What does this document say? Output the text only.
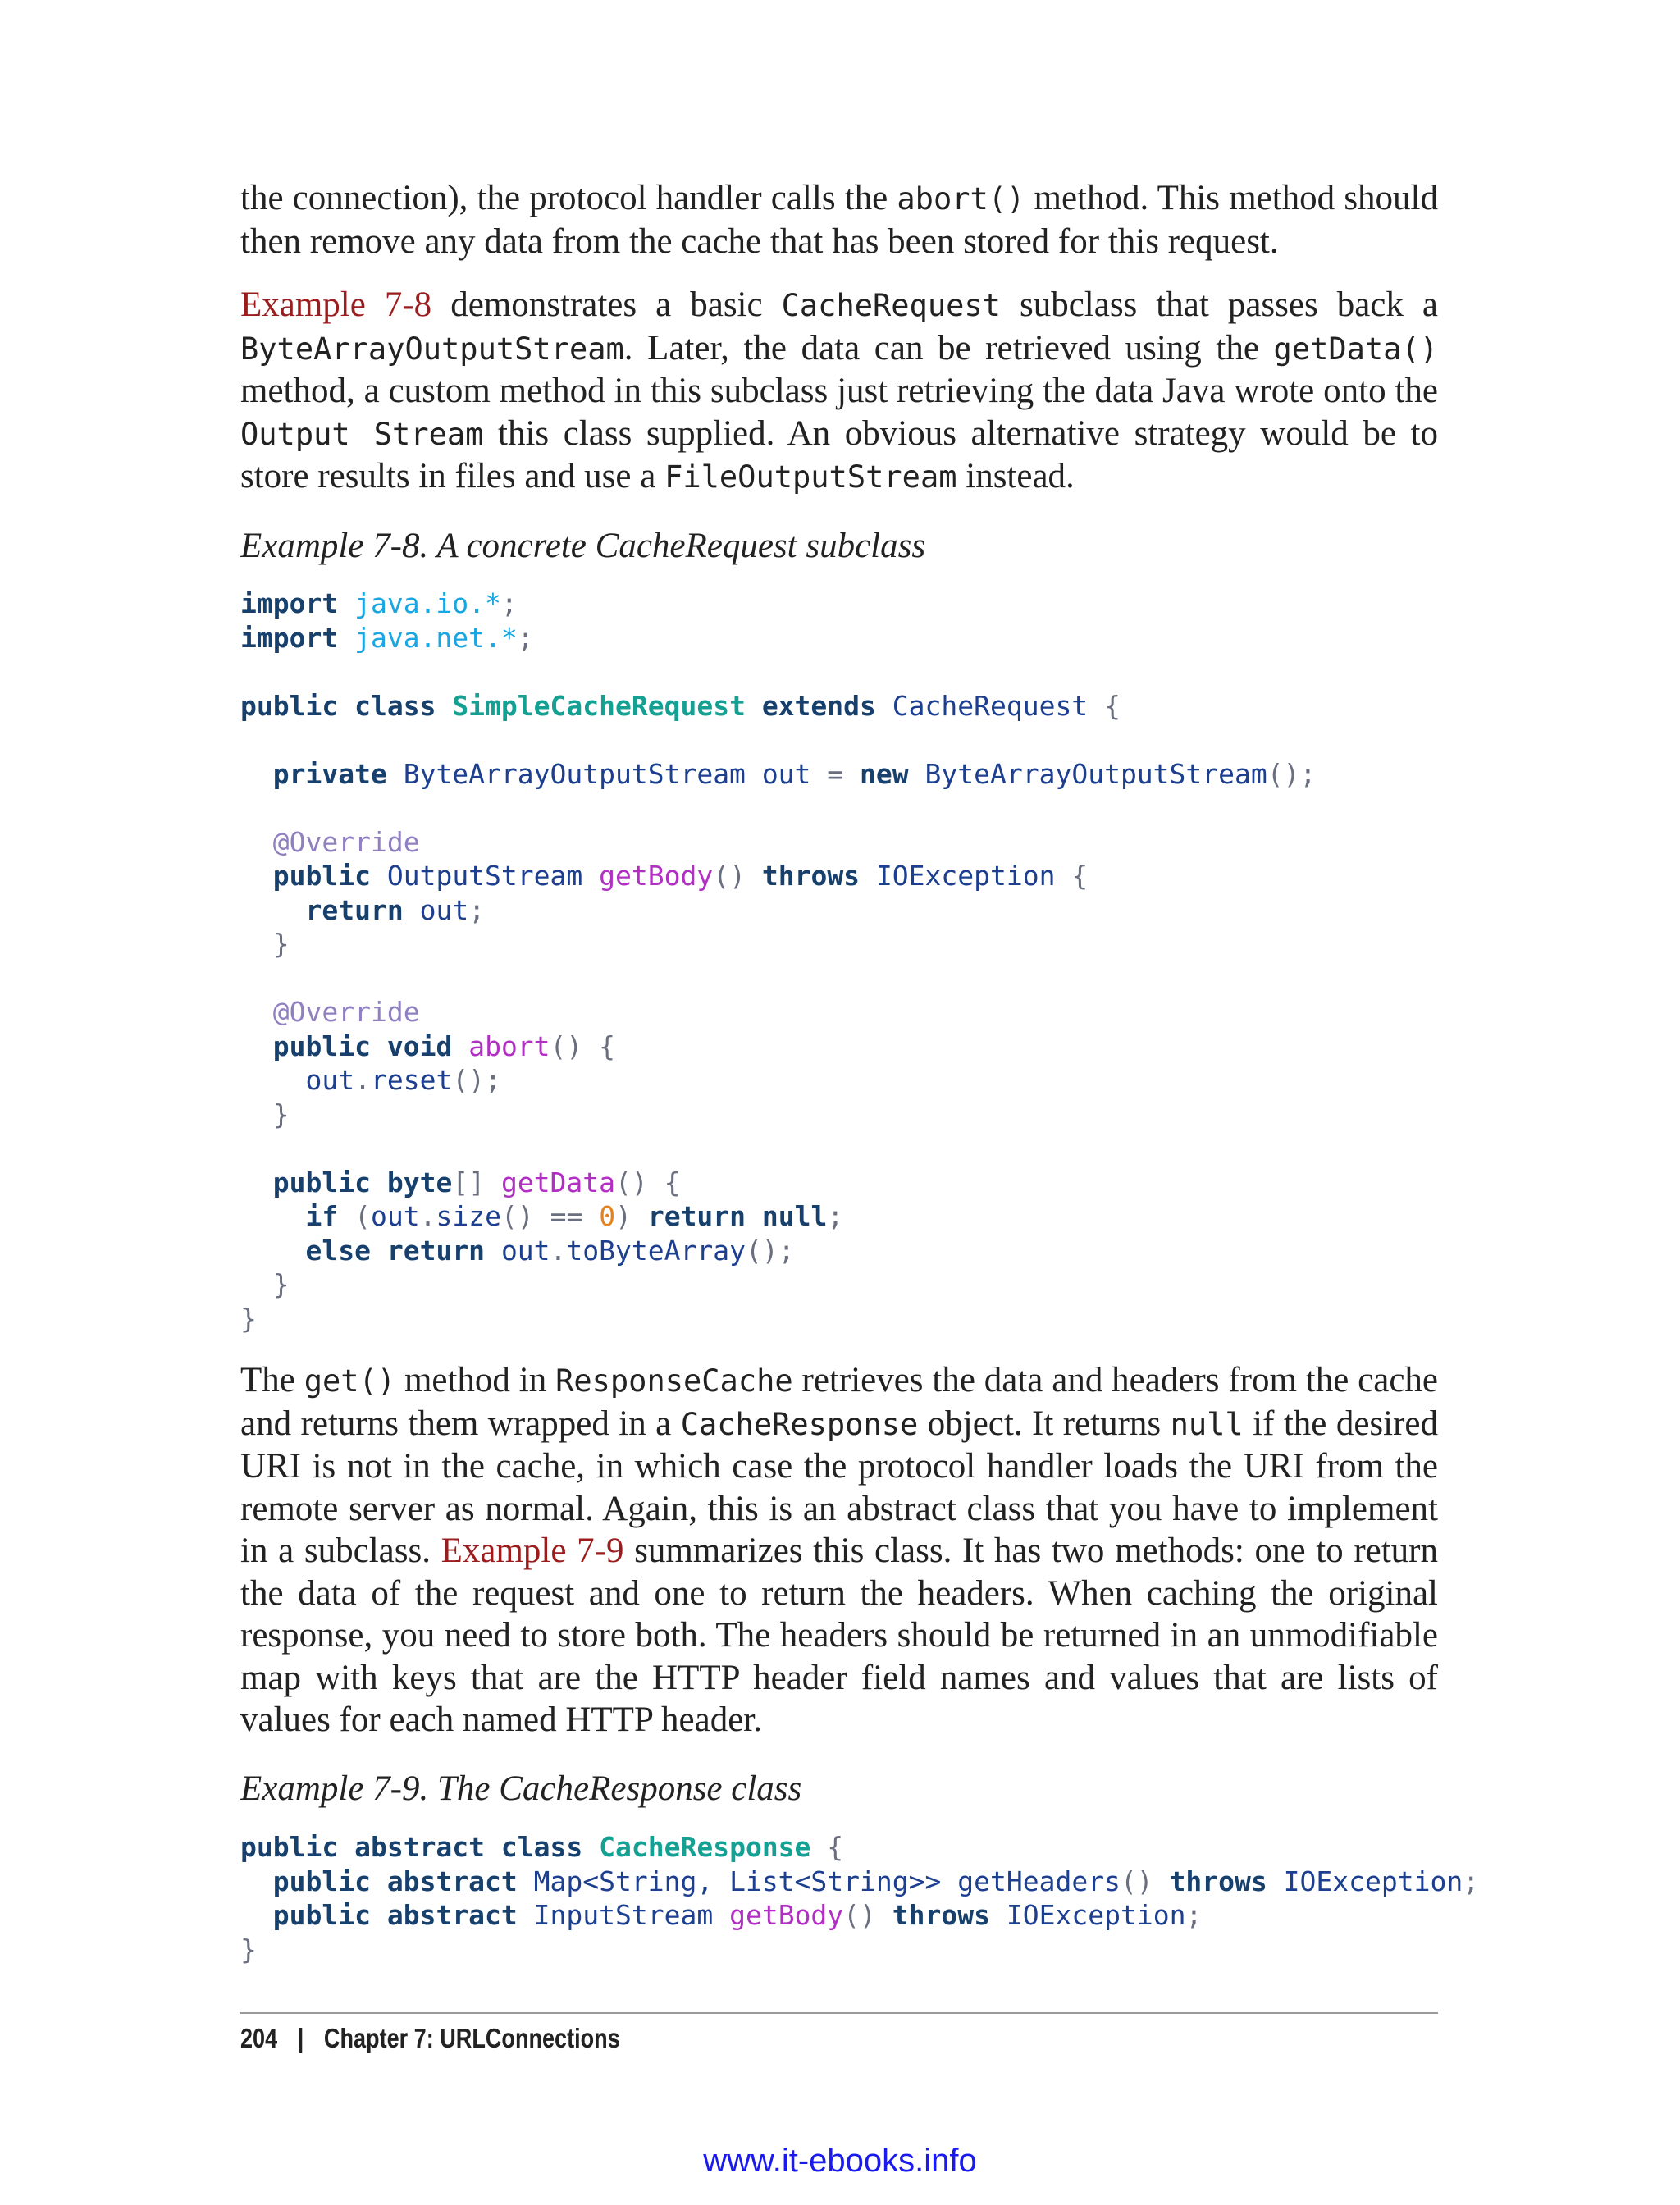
the connection), the protocol handler calls the abort() method. This method should then remove any data from the cache that has been stored for this request.

Example 7-8 demonstrates a basic CacheRequest subclass that passes back a ByteArrayOutputStream. Later, the data can be retrieved using the getData() method, a custom method in this subclass just retrieving the data Java wrote onto the Output Stream this class supplied. An obvious alternative strategy would be to store results in files and use a FileOutputStream instead.

Example 7-8. A concrete CacheRequest subclass

import java.io.*;
import java.net.*;

public class SimpleCacheRequest extends CacheRequest {

private ByteArrayOutputStream out = new ByteArrayOutputStream();

@Override
public OutputStream getBody() throws IOException {
return out;
}

@Override
public void abort() {
out.reset();
}

public byte[] getData() {
if (out.size() == 0) return null;
else return out.toByteArray();
}
}

The get() method in ResponseCache retrieves the data and headers from the cache and returns them wrapped in a CacheResponse object. It returns null if the desired URI is not in the cache, in which case the protocol handler loads the URI from the remote server as normal. Again, this is an abstract class that you have to implement in a subclass. Example 7-9 summarizes this class. It has two methods: one to return the data of the request and one to return the headers. When caching the original response, you need to store both. The headers should be returned in an unmodifiable map with keys that are the HTTP header field names and values that are lists of values for each named HTTP header.

Example 7-9. The CacheResponse class

public abstract class CacheResponse {
public abstract Map<String, List<String>> getHeaders() throws IOException;
public abstract InputStream getBody() throws IOException;
}
204 | Chapter 7: URLConnections
www.it-ebooks.info
